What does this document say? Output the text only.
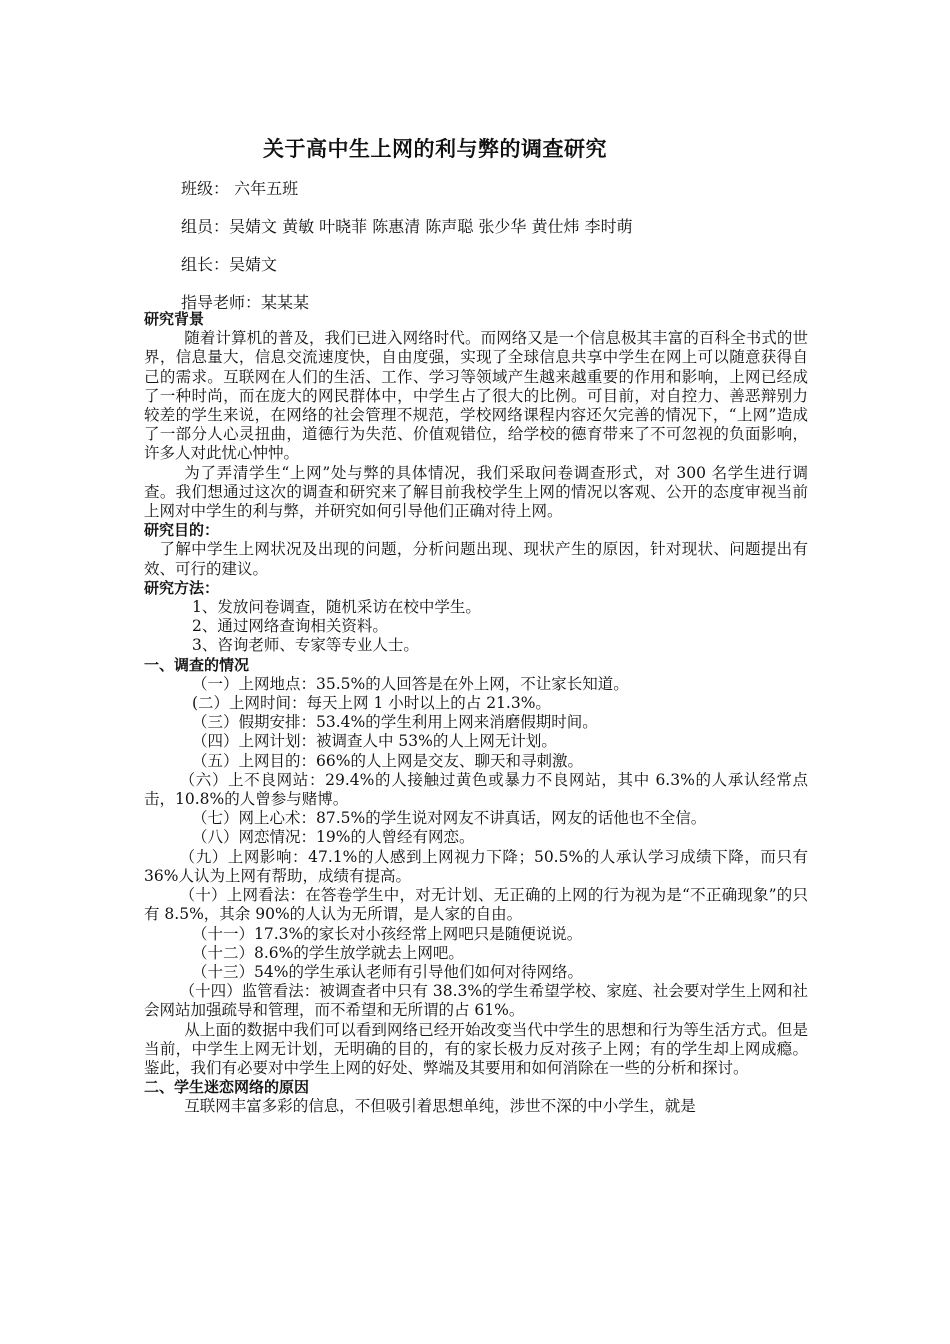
关于高中生上网的利与弊的调查研究
班级： 六年五班
组员：吴婧文 黄敏 叶晓菲 陈惠清 陈声聪 张少华 黄仕炜 李时萌
组长：吴婧文
指导老师：某某某

研究背景

随着计算机的普及，我们已进入网络时代。而网络又是一个信息极其丰富的百科全书式的世界，信息量大，信息交流速度快，自由度强，实现了全球信息共享中学生在网上可以随意获得自己的需求。互联网在人们的生活、工作、学习等领域产生越来越重要的作用和影响，上网已经成了一种时尚，而在庞大的网民群体中，中学生占了很大的比例。可目前，对自控力、善恶辩别力较差的学生来说，在网络的社会管理不规范，学校网络课程内容还欠完善的情况下，“上网”造成了一部分人心灵扭曲，道德行为失范、价值观错位，给学校的德育带来了不可忽视的负面影响，许多人对此忧心忡忡。

为了弄清学生“上网”处与弊的具体情况，我们采取问卷调查形式，对 300 名学生进行调查。我们想通过这次的调查和研究来了解目前我校学生上网的情况以客观、公开的态度审视当前上网对中学生的利与弊，并研究如何引导他们正确对待上网。

研究目的：

了解中学生上网状况及出现的问题，分析问题出现、现状产生的原因，针对现状、问题提出有效、可行的建议。

研究方法：

1、发放问卷调查，随机采访在校中学生。

2、通过网络查询相关资料。

3、咨询老师、专家等专业人士。

一、调查的情况

（一）上网地点：35.5%的人回答是在外上网，不让家长知道。

(二）上网时间：每天上网 1 小时以上的占 21.3%。

（三）假期安排：53.4%的学生利用上网来消磨假期时间。

（四）上网计划：被调查人中 53%的人上网无计划。

（五）上网目的：66%的人上网是交友、聊天和寻刺激。

（六）上不良网站：29.4%的人接触过黄色或暴力不良网站，其中 6.3%的人承认经常点击，10.8%的人曾参与赌博。

（七）网上心术：87.5%的学生说对网友不讲真话，网友的话他也不全信。

（八）网恋情况：19%的人曾经有网恋。

（九）上网影响：47.1%的人感到上网视力下降；50.5%的人承认学习成绩下降，而只有 36%人认为上网有帮助，成绩有提高。

（十）上网看法：在答卷学生中，对无计划、无正确的上网的行为视为是“不正确现象”的只有 8.5%，其余 90%的人认为无所谓，是人家的自由。

（十一）17.3%的家长对小孩经常上网吧只是随便说说。

（十二）8.6%的学生放学就去上网吧。

（十三）54%的学生承认老师有引导他们如何对待网络。

（十四）监管看法：被调查者中只有 38.3%的学生希望学校、家庭、社会要对学生上网和社会网站加强疏导和管理，而不希望和无所谓的占 61%。

从上面的数据中我们可以看到网络已经开始改变当代中学生的思想和行为等生活方式。但是当前，中学生上网无计划，无明确的目的，有的家长极力反对孩子上网；有的学生却上网成瘾。鉴此，我们有必要对中学生上网的好处、弊端及其要用和如何消除在一些的分析和探讨。

二、学生迷恋网络的原因

互联网丰富多彩的信息，不但吸引着思想单纯，涉世不深的中小学生，就是
